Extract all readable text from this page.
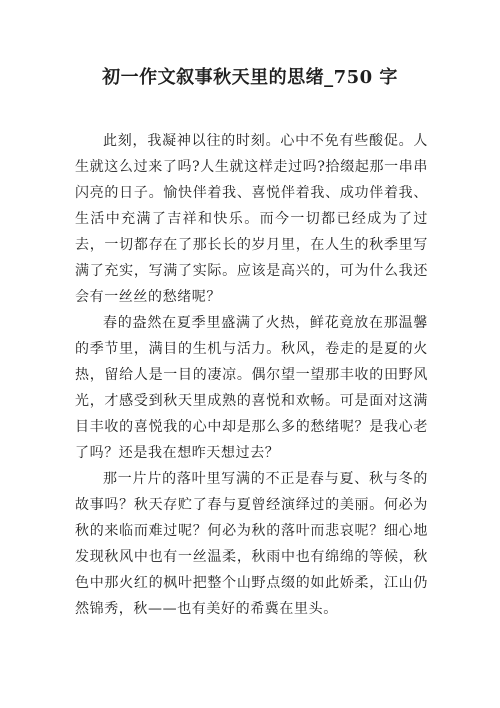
初一作文叙事秋天里的思绪_750 字

此刻，我凝神以往的时刻。心中不免有些酸促。人生就这么过来了吗?人生就这样走过吗?拾缀起那一串串闪亮的日子。愉快伴着我、喜悦伴着我、成功伴着我、生活中充满了吉祥和快乐。而今一切都已经成为了过去，一切都存在了那长长的岁月里，在人生的秋季里写满了充实，写满了实际。应该是高兴的，可为什么我还会有一丝丝的愁绪呢？

春的盎然在夏季里盛满了火热，鲜花竟放在那温馨的季节里，满目的生机与活力。秋风，卷走的是夏的火热，留给人是一目的凄凉。偶尔望一望那丰收的田野风光，才感受到秋天里成熟的喜悦和欢畅。可是面对这满目丰收的喜悦我的心中却是那么多的愁绪呢？是我心老了吗？还是我在想昨天想过去？

那一片片的落叶里写满的不正是春与夏、秋与冬的故事吗？秋天存贮了春与夏曾经演绎过的美丽。何必为秋的来临而难过呢？何必为秋的落叶而悲哀呢？细心地发现秋风中也有一丝温柔，秋雨中也有绵绵的等候，秋色中那火红的枫叶把整个山野点缀的如此娇柔，江山仍然锦秀，秋——也有美好的希冀在里头。
